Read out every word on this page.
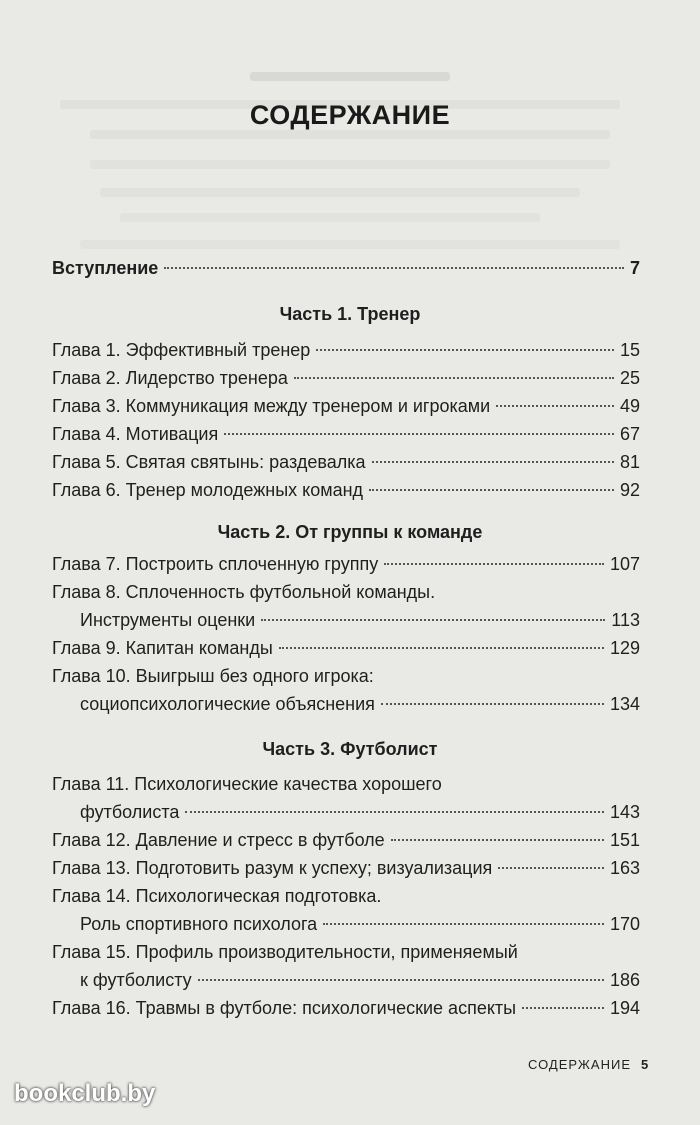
СОДЕРЖАНИЕ
Вступление	7
Часть 1. Тренер
Глава 1. Эффективный тренер	15
Глава 2. Лидерство тренера	25
Глава 3. Коммуникация между тренером и игроками	49
Глава 4. Мотивация	67
Глава 5. Святая святынь: раздевалка	81
Глава 6. Тренер молодежных команд	92
Часть 2. От группы к команде
Глава 7. Построить сплоченную группу	107
Глава 8. Сплоченность футбольной команды.
Инструменты оценки	113
Глава 9. Капитан команды	129
Глава 10. Выигрыш без одного игрока:
социопсихологические объяснения	134
Часть 3. Футболист
Глава 11. Психологические качества хорошего
футболиста	143
Глава 12. Давление и стресс в футболе	151
Глава 13. Подготовить разум к успеху; визуализация	163
Глава 14. Психологическая подготовка.
Роль спортивного психолога	170
Глава 15. Профиль производительности, применяемый
к футболисту	186
Глава 16. Травмы в футболе: психологические аспекты	194
СОДЕРЖАНИЕ 5
bookclub.by
